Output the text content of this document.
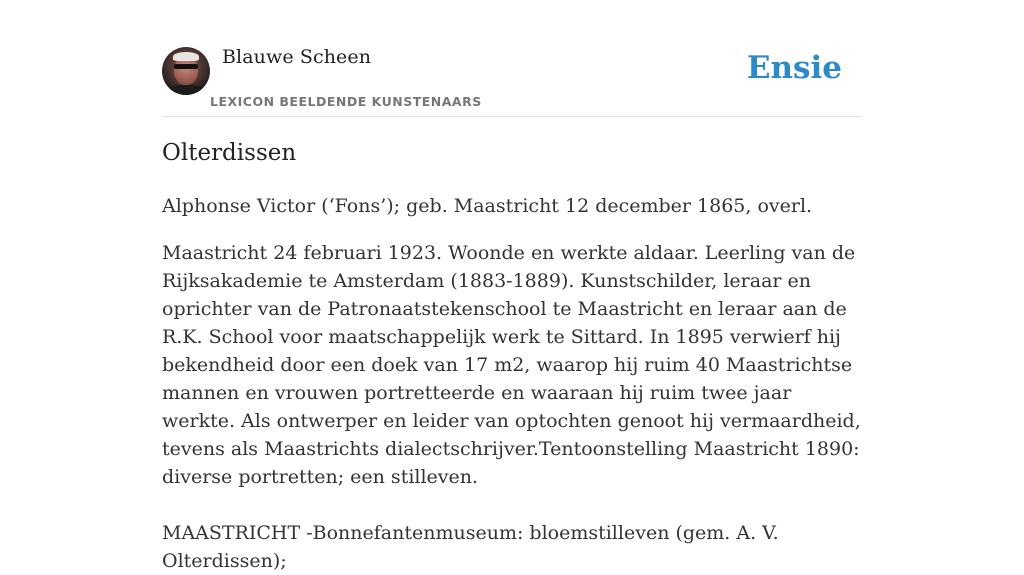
Blauwe Scheen
LEXICON BEELDENDE KUNSTENAARS
Ensie
Olterdissen

Alphonse Victor (‘Fons’); geb. Maastricht 12 december 1865, overl.

Maastricht 24 februari 1923. Woonde en werkte aldaar. Leerling van de Rijksakademie te Amsterdam (1883-1889). Kunstschilder, leraar en oprichter van de Patronaatstekenschool te Maastricht en leraar aan de R.K. School voor maatschappelijk werk te Sittard. In 1895 verwierf hij bekendheid door een doek van 17 m2, waarop hij ruim 40 Maastrichtse mannen en vrouwen portretteerde en waaraan hij ruim twee jaar werkte. Als ontwerper en leider van optochten genoot hij vermaardheid, tevens als Maastrichts dialectschrijver.Tentoonstelling Maastricht 1890: diverse portretten; een stilleven.

MAASTRICHT -Bonnefantenmuseum: bloemstilleven (gem. A. V. Olterdissen);
